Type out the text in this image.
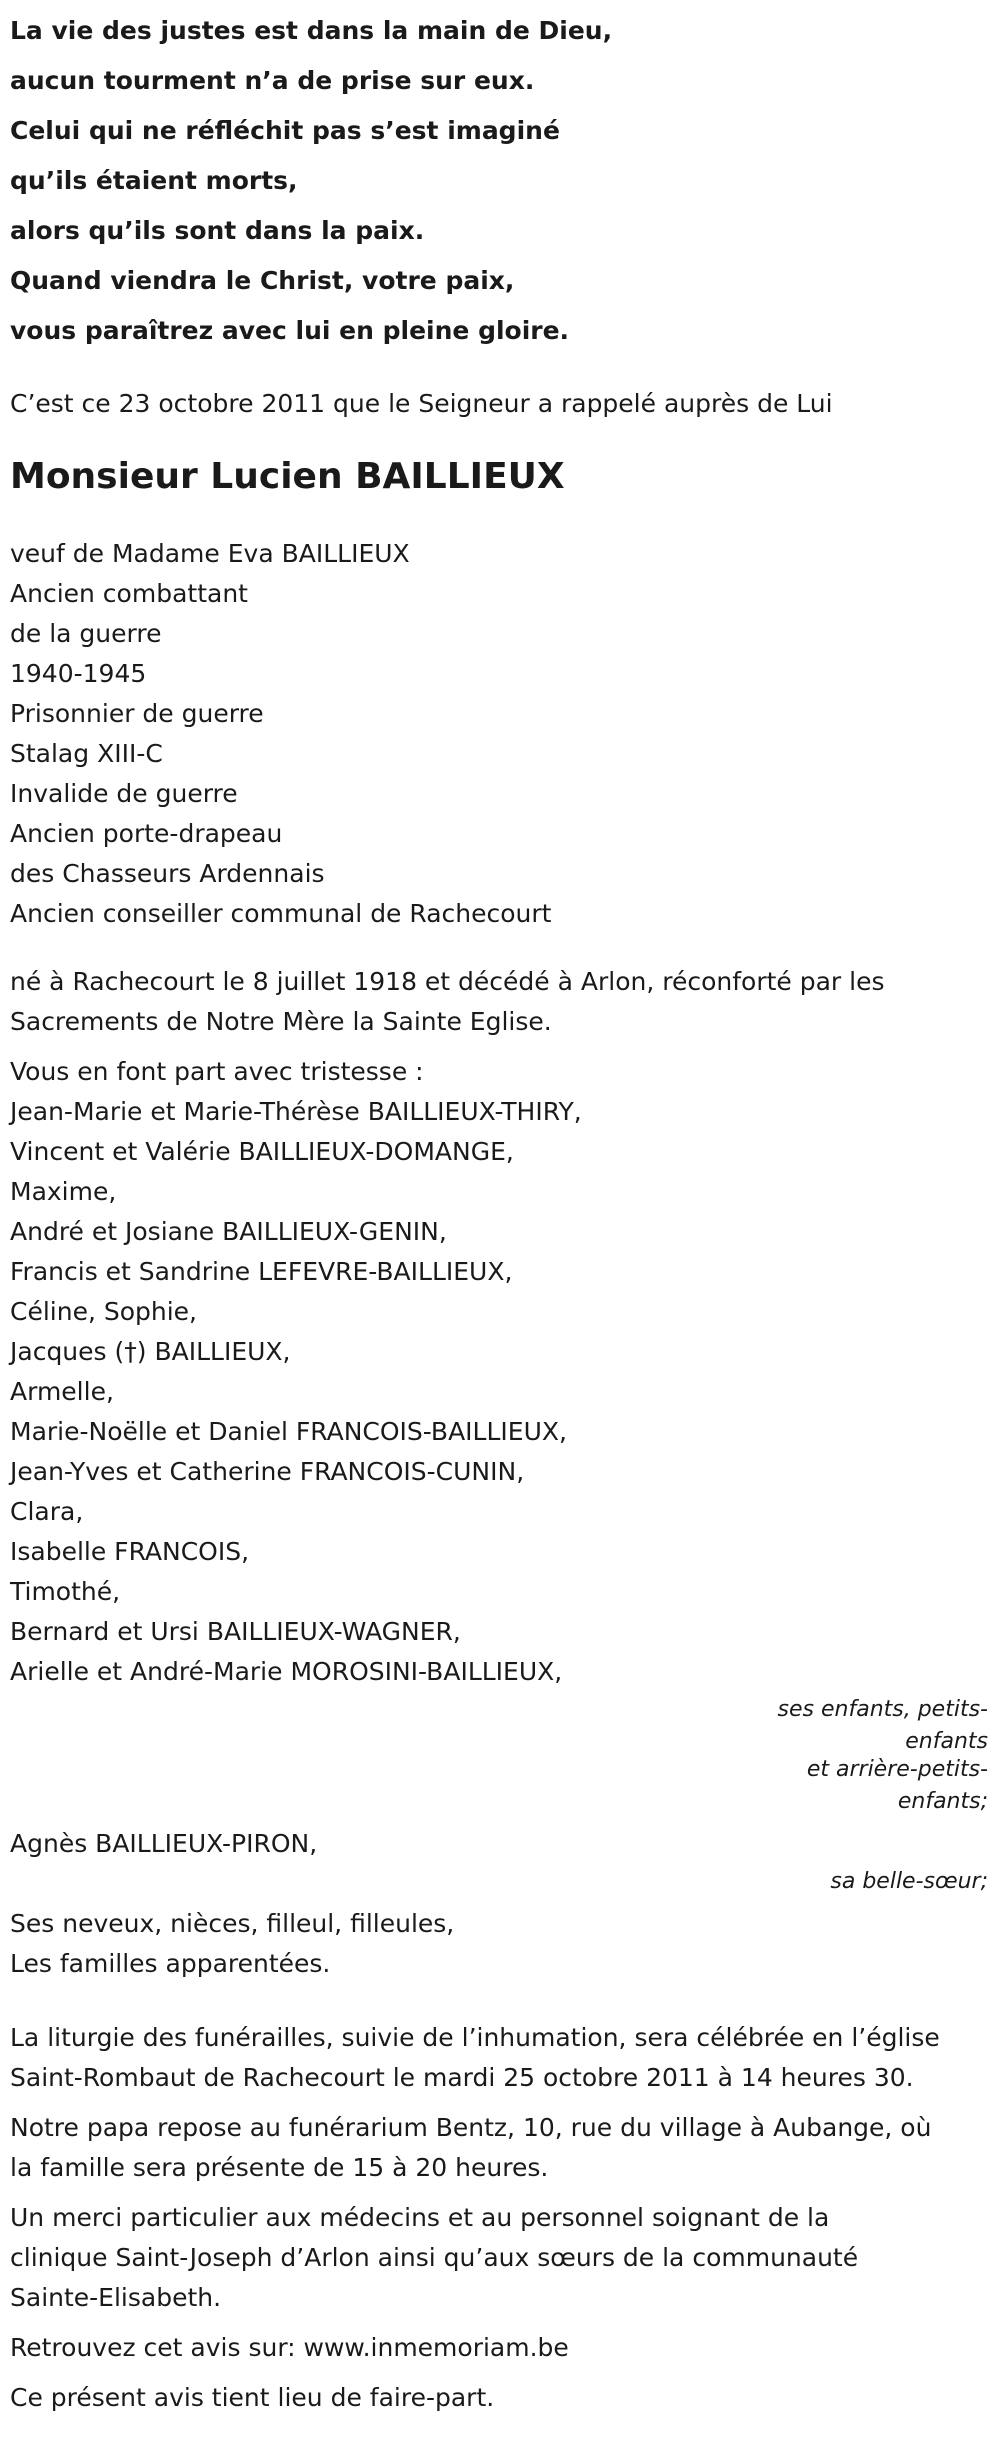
La vie des justes est dans la main de Dieu,
aucun tourment n’a de prise sur eux.
Celui qui ne réfléchit pas s’est imaginé
qu’ils étaient morts,
alors qu’ils sont dans la paix.
Quand viendra le Christ, votre paix,
vous paraîtrez avec lui en pleine gloire.
C’est ce 23 octobre 2011 que le Seigneur a rappelé auprès de Lui
Monsieur Lucien BAILLIEUX
veuf de Madame Eva BAILLIEUX
Ancien combattant
de la guerre
1940-1945
Prisonnier de guerre
Stalag XIII-C
Invalide de guerre
Ancien porte-drapeau
des Chasseurs Ardennais
Ancien conseiller communal de Rachecourt
né à Rachecourt le 8 juillet 1918 et décédé à Arlon, réconforté par les
Sacrements de Notre Mère la Sainte Eglise.
Vous en font part avec tristesse :
Jean-Marie et Marie-Thérèse BAILLIEUX-THIRY,
Vincent et Valérie BAILLIEUX-DOMANGE,
Maxime,
André et Josiane BAILLIEUX-GENIN,
Francis et Sandrine LEFEVRE-BAILLIEUX,
Céline, Sophie,
Jacques (†) BAILLIEUX,
Armelle,
Marie-Noëlle et Daniel FRANCOIS-BAILLIEUX,
Jean-Yves et Catherine FRANCOIS-CUNIN,
Clara,
Isabelle FRANCOIS,
Timothé,
Bernard et Ursi BAILLIEUX-WAGNER,
Arielle et André-Marie MOROSINI-BAILLIEUX,
ses enfants, petits-
enfants
et arrière-petits-
enfants;
Agnès BAILLIEUX-PIRON,
sa belle-sœur;
Ses neveux, nièces, filleul, filleules,
Les familles apparentées.
La liturgie des funérailles, suivie de l’inhumation, sera célébrée en l’église
Saint-Rombaut de Rachecourt le mardi 25 octobre 2011 à 14 heures 30.
Notre papa repose au funérarium Bentz, 10, rue du village à Aubange, où
la famille sera présente de 15 à 20 heures.
Un merci particulier aux médecins et au personnel soignant de la
clinique Saint-Joseph d’Arlon ainsi qu’aux sœurs de la communauté
Sainte-Elisabeth.
Retrouvez cet avis sur: www.inmemoriam.be
Ce présent avis tient lieu de faire-part.
